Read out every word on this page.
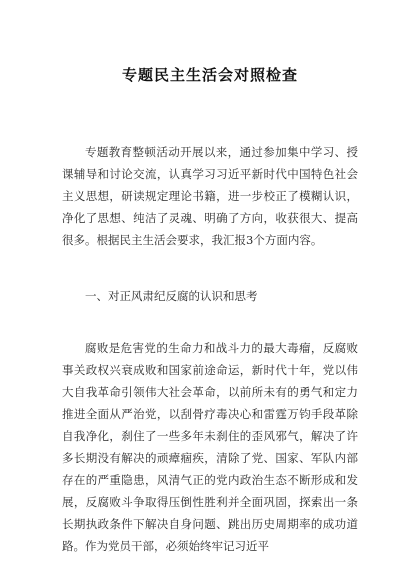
专题民主生活会对照检查

专题教育整顿活动开展以来，通过参加集中学习、授课辅导和讨论交流，认真学习习近平新时代中国特色社会主义思想，研读规定理论书籍，进一步校正了模糊认识，净化了思想、纯洁了灵魂、明确了方向，收获很大、提高很多。根据民主生活会要求，我汇报3个方面内容。

一、对正风肃纪反腐的认识和思考

腐败是危害党的生命力和战斗力的最大毒瘤，反腐败事关政权兴衰成败和国家前途命运，新时代十年，党以伟大自我革命引领伟大社会革命，以前所未有的勇气和定力推进全面从严治党，以刮骨疗毒决心和雷霆万钧手段革除自我净化，刹住了一些多年未刹住的歪风邪气，解决了许多长期没有解决的顽瘴痼疾，清除了党、国家、军队内部存在的严重隐患，风清气正的党内政治生态不断形成和发展，反腐败斗争取得压倒性胜利并全面巩固，探索出一条长期执政条件下解决自身问题、跳出历史周期率的成功道路。作为党员干部，必须始终牢记习近平
